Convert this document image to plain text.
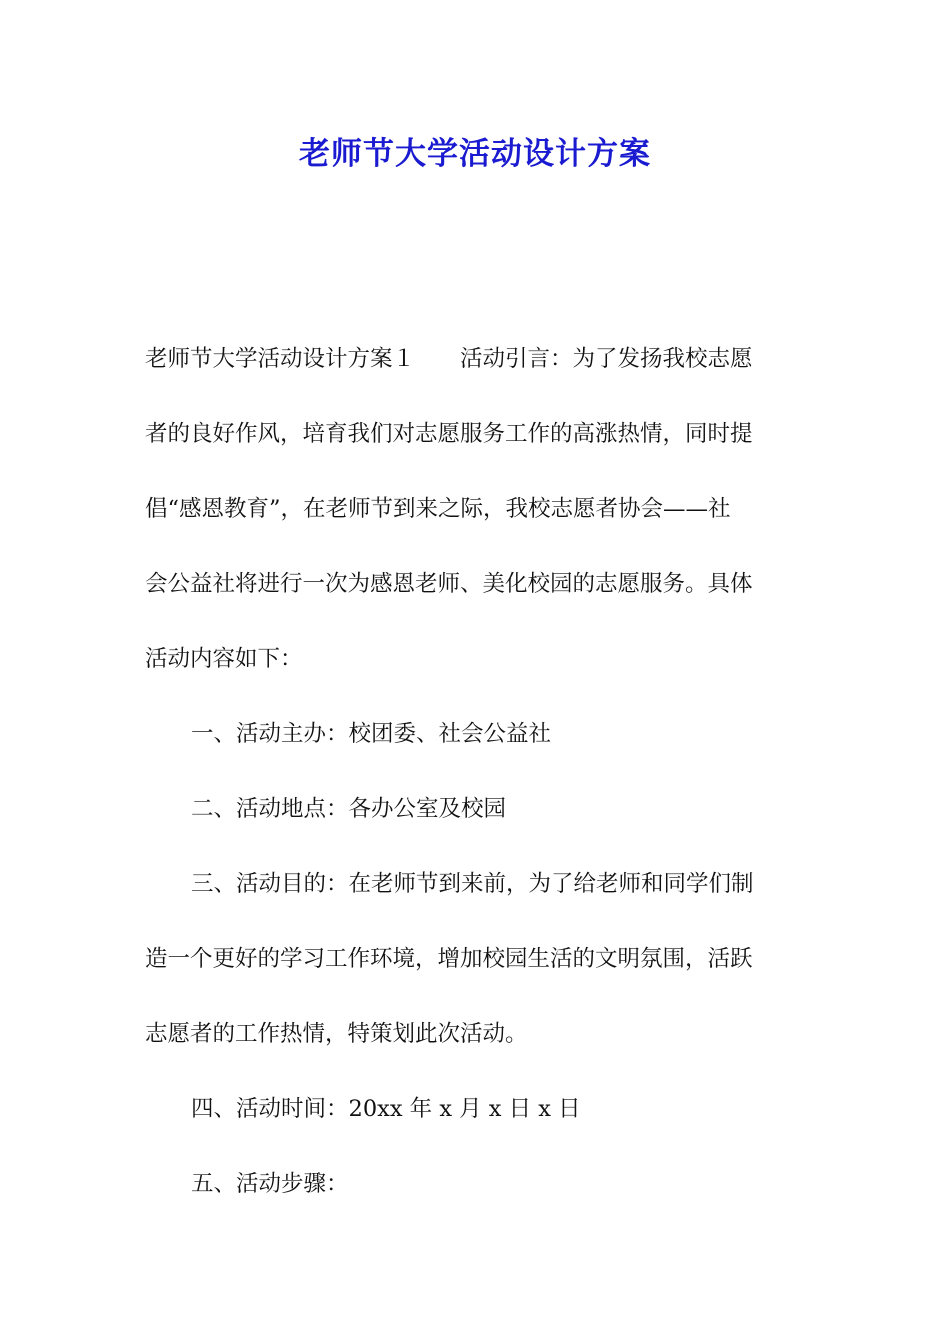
老师节大学活动设计方案
老师节大学活动设计方案１　　活动引言：为了发扬我校志愿
者的良好作风，培育我们对志愿服务工作的高涨热情，同时提
倡“感恩教育”，在老师节到来之际，我校志愿者协会——社
会公益社将进行一次为感恩老师、美化校园的志愿服务。具体
活动内容如下：
一、活动主办：校团委、社会公益社
二、活动地点：各办公室及校园
三、活动目的：在老师节到来前，为了给老师和同学们制
造一个更好的学习工作环境，增加校园生活的文明氛围，活跃
志愿者的工作热情，特策划此次活动。
四、活动时间：20xx 年 x 月 x 日 x 日
五、活动步骤：
